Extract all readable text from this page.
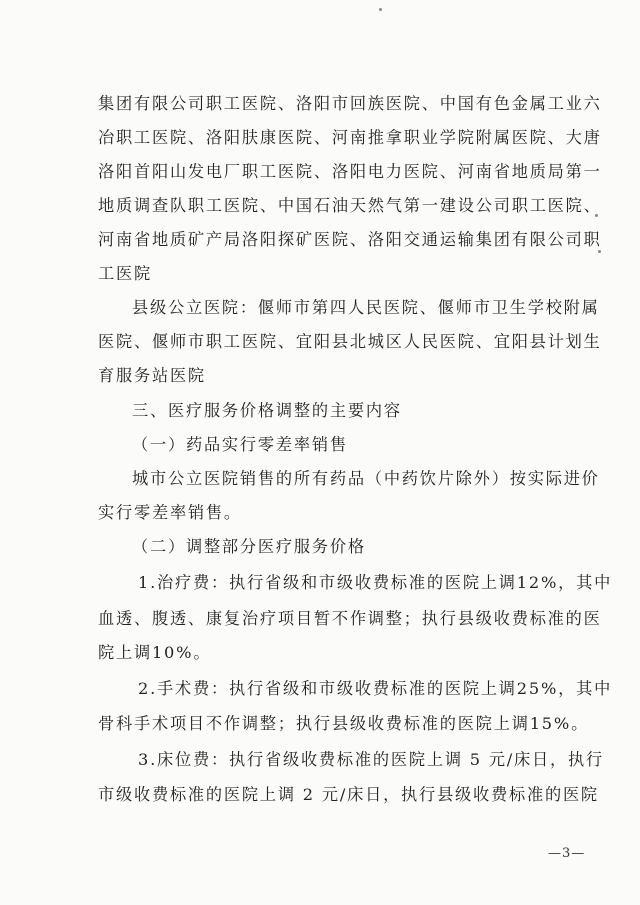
集团有限公司职工医院、洛阳市回族医院、中国有色金属工业六
冶职工医院、洛阳肤康医院、河南推拿职业学院附属医院、大唐
洛阳首阳山发电厂职工医院、洛阳电力医院、河南省地质局第一
地质调查队职工医院、中国石油天然气第一建设公司职工医院、
河南省地质矿产局洛阳探矿医院、洛阳交通运输集团有限公司职
工医院
县级公立医院：偃师市第四人民医院、偃师市卫生学校附属
医院、偃师市职工医院、宜阳县北城区人民医院、宜阳县计划生
育服务站医院
三、医疗服务价格调整的主要内容
（一）药品实行零差率销售
城市公立医院销售的所有药品（中药饮片除外）按实际进价
实行零差率销售。
（二）调整部分医疗服务价格
1.治疗费：执行省级和市级收费标准的医院上调12%，其中
血透、腹透、康复治疗项目暂不作调整；执行县级收费标准的医
院上调10%。
2.手术费：执行省级和市级收费标准的医院上调25%，其中
骨科手术项目不作调整；执行县级收费标准的医院上调15%。
3.床位费：执行省级收费标准的医院上调 5 元/床日，执行
市级收费标准的医院上调 2 元/床日，执行县级收费标准的医院
—3—
